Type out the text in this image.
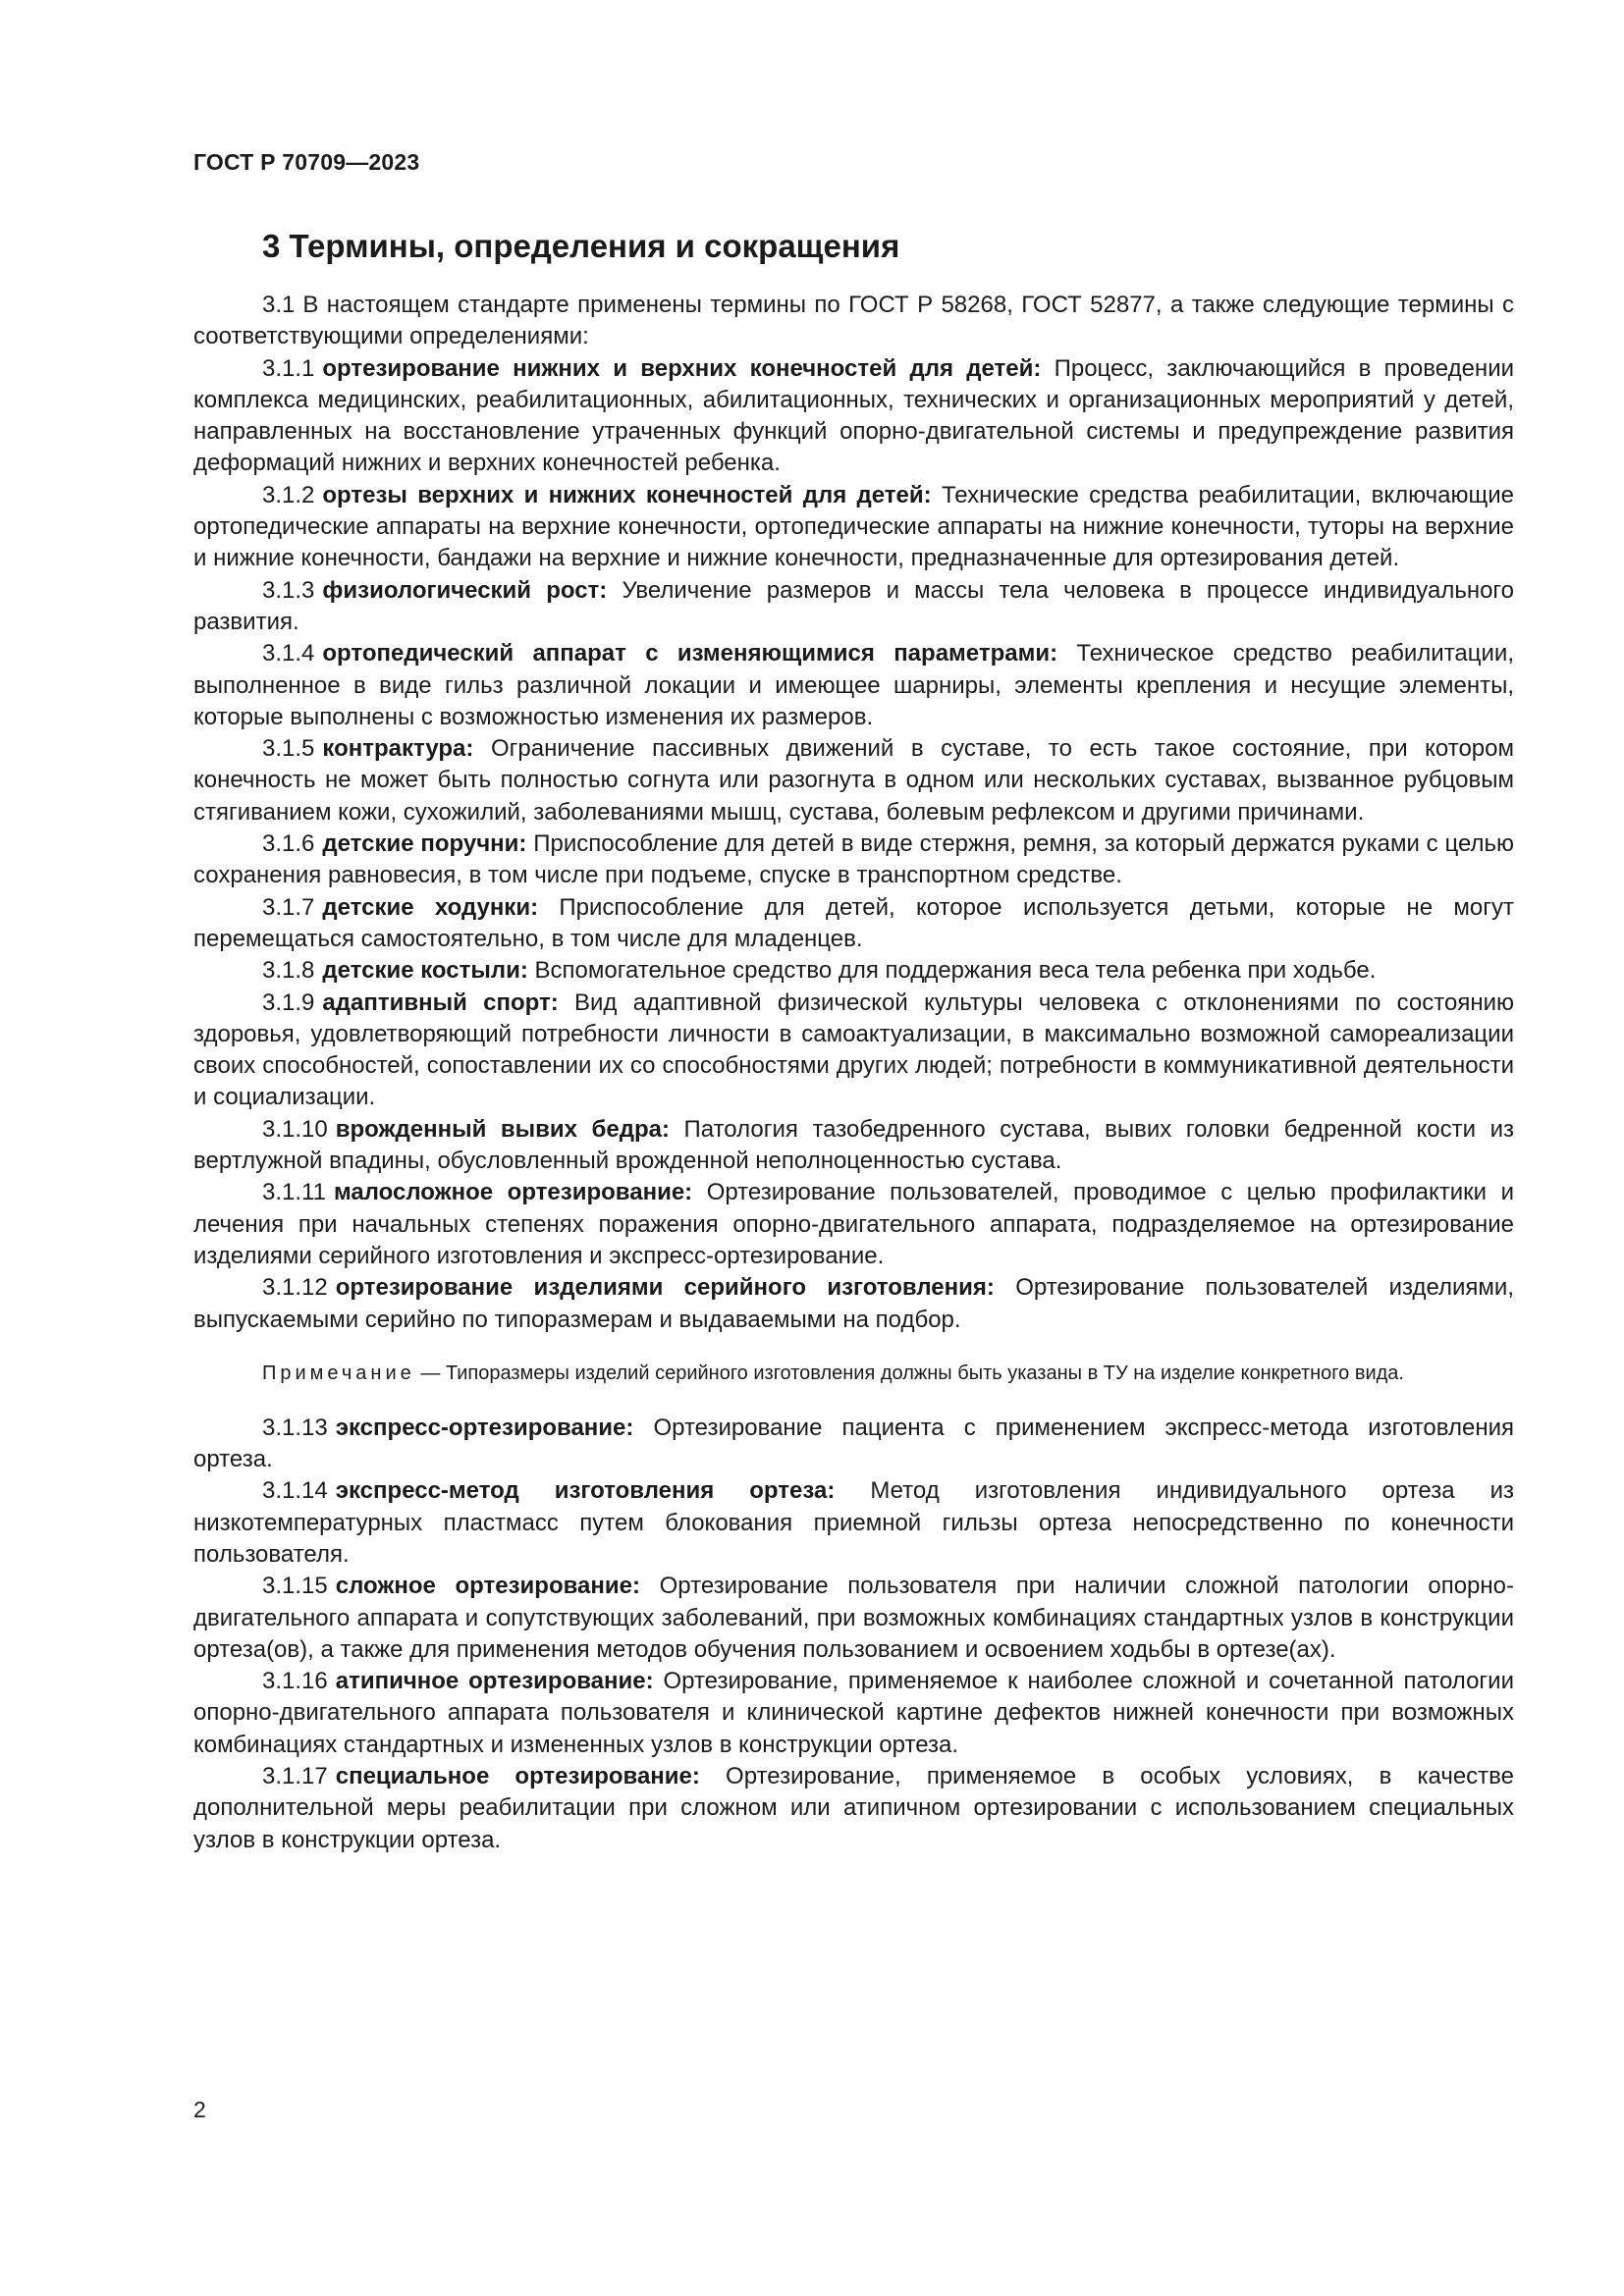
ГОСТ Р 70709—2023
3 Термины, определения и сокращения

3.1 В настоящем стандарте применены термины по ГОСТ Р 58268, ГОСТ 52877, а также следующие термины с соответствующими определениями:

3.1.1 ортезирование нижних и верхних конечностей для детей: Процесс, заключающийся в проведении комплекса медицинских, реабилитационных, абилитационных, технических и организационных мероприятий у детей, направленных на восстановление утраченных функций опорно-двигательной системы и предупреждение развития деформаций нижних и верхних конечностей ребенка.

3.1.2 ортезы верхних и нижних конечностей для детей: Технические средства реабилитации, включающие ортопедические аппараты на верхние конечности, ортопедические аппараты на нижние конечности, туторы на верхние и нижние конечности, бандажи на верхние и нижние конечности, предназначенные для ортезирования детей.

3.1.3 физиологический рост: Увеличение размеров и массы тела человека в процессе индивидуального развития.

3.1.4 ортопедический аппарат с изменяющимися параметрами: Техническое средство реабилитации, выполненное в виде гильз различной локации и имеющее шарниры, элементы крепления и несущие элементы, которые выполнены с возможностью изменения их размеров.

3.1.5 контрактура: Ограничение пассивных движений в суставе, то есть такое состояние, при котором конечность не может быть полностью согнута или разогнута в одном или нескольких суставах, вызванное рубцовым стягиванием кожи, сухожилий, заболеваниями мышц, сустава, болевым рефлексом и другими причинами.

3.1.6 детские поручни: Приспособление для детей в виде стержня, ремня, за который держатся руками с целью сохранения равновесия, в том числе при подъеме, спуске в транспортном средстве.

3.1.7 детские ходунки: Приспособление для детей, которое используется детьми, которые не могут перемещаться самостоятельно, в том числе для младенцев.

3.1.8 детские костыли: Вспомогательное средство для поддержания веса тела ребенка при ходьбе.

3.1.9 адаптивный спорт: Вид адаптивной физической культуры человека с отклонениями по состоянию здоровья, удовлетворяющий потребности личности в самоактуализации, в максимально возможной самореализации своих способностей, сопоставлении их со способностями других людей; потребности в коммуникативной деятельности и социализации.

3.1.10 врожденный вывих бедра: Патология тазобедренного сустава, вывих головки бедренной кости из вертлужной впадины, обусловленный врожденной неполноценностью сустава.

3.1.11 малосложное ортезирование: Ортезирование пользователей, проводимое с целью профилактики и лечения при начальных степенях поражения опорно-двигательного аппарата, подразделяемое на ортезирование изделиями серийного изготовления и экспресс-ортезирование.

3.1.12 ортезирование изделиями серийного изготовления: Ортезирование пользователей изделиями, выпускаемыми серийно по типоразмерам и выдаваемыми на подбор.

Примечание — Типоразмеры изделий серийного изготовления должны быть указаны в ТУ на изделие конкретного вида.

3.1.13 экспресс-ортезирование: Ортезирование пациента с применением экспресс-метода изготовления ортеза.

3.1.14 экспресс-метод изготовления ортеза: Метод изготовления индивидуального ортеза из низкотемпературных пластмасс путем блокования приемной гильзы ортеза непосредственно по конечности пользователя.

3.1.15 сложное ортезирование: Ортезирование пользователя при наличии сложной патологии опорно-двигательного аппарата и сопутствующих заболеваний, при возможных комбинациях стандартных узлов в конструкции ортеза(ов), а также для применения методов обучения пользованием и освоением ходьбы в ортезе(ах).

3.1.16 атипичное ортезирование: Ортезирование, применяемое к наиболее сложной и сочетанной патологии опорно-двигательного аппарата пользователя и клинической картине дефектов нижней конечности при возможных комбинациях стандартных и измененных узлов в конструкции ортеза.

3.1.17 специальное ортезирование: Ортезирование, применяемое в особых условиях, в качестве дополнительной меры реабилитации при сложном или атипичном ортезировании с использованием специальных узлов в конструкции ортеза.

2
